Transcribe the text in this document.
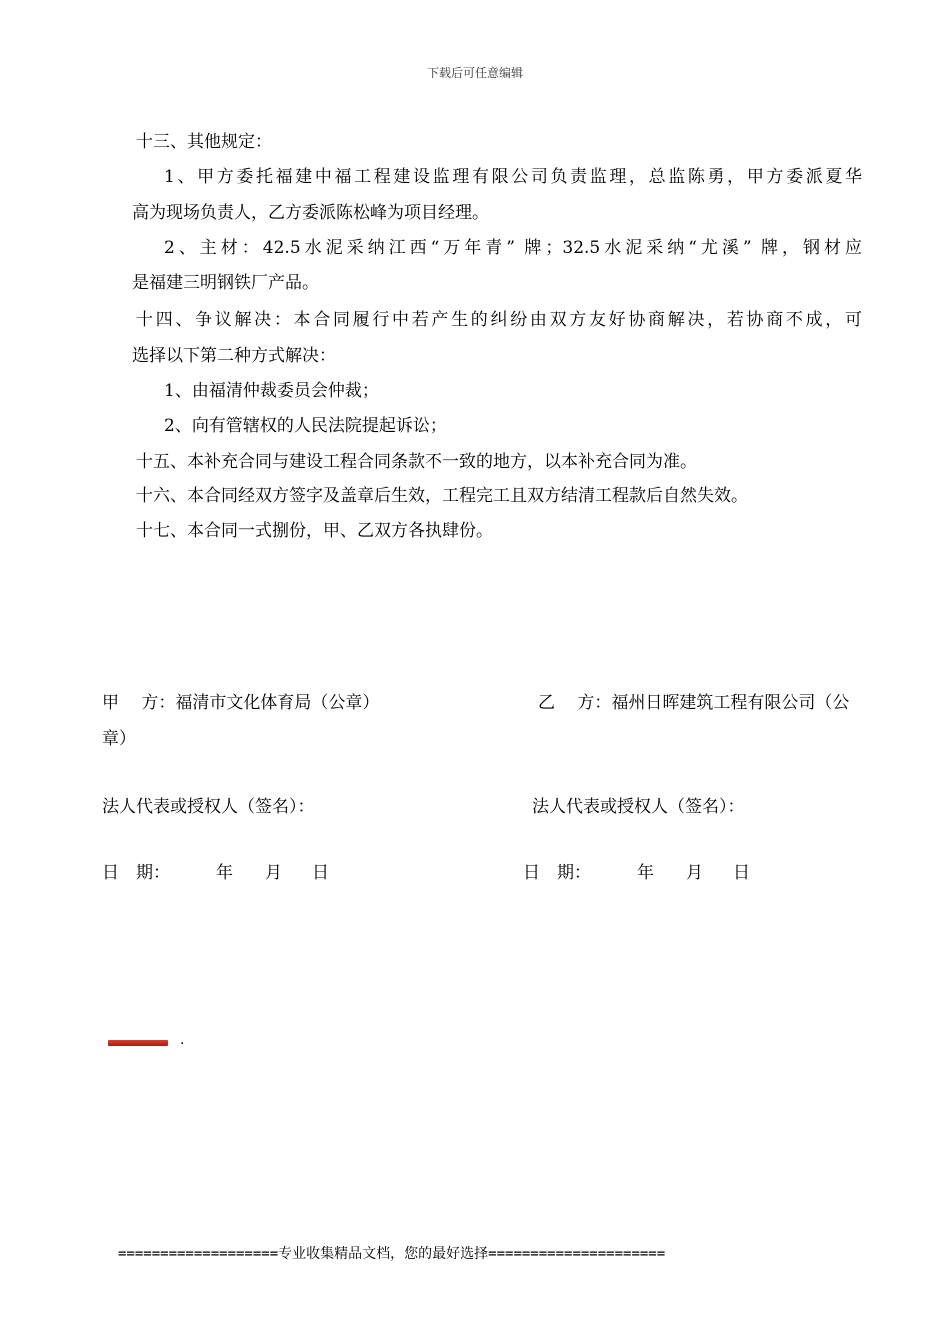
下载后可任意编辑
十三、其他规定：
1、甲方委托福建中福工程建设监理有限公司负责监理，总监陈勇，甲方委派夏华
高为现场负责人，乙方委派陈松峰为项目经理。
2、主材：42.5水泥采纳江西“万年青” 牌；32.5水泥采纳“尤溪” 牌，钢材应
是福建三明钢铁厂产品。
十四、争议解决：本合同履行中若产生的纠纷由双方友好协商解决，若协商不成，可
选择以下第二种方式解决：
1、由福清仲裁委员会仲裁；
2、向有管辖权的人民法院提起诉讼；
十五、本补充合同与建设工程合同条款不一致的地方，以本补充合同为准。
十六、本合同经双方签字及盖章后生效，工程完工且双方结清工程款后自然失效。
十七、本合同一式捌份，甲、乙双方各执肆份。
甲　 方：福清市文化体育局（公章）	乙　 方：福州日晖建筑工程有限公司（公
章）
法人代表或授权人（签名）：	法人代表或授权人（签名）：
日　期：	年 月 日	日　期：	年 月 日
.
===================专业收集精品文档，您的最好选择=====================
